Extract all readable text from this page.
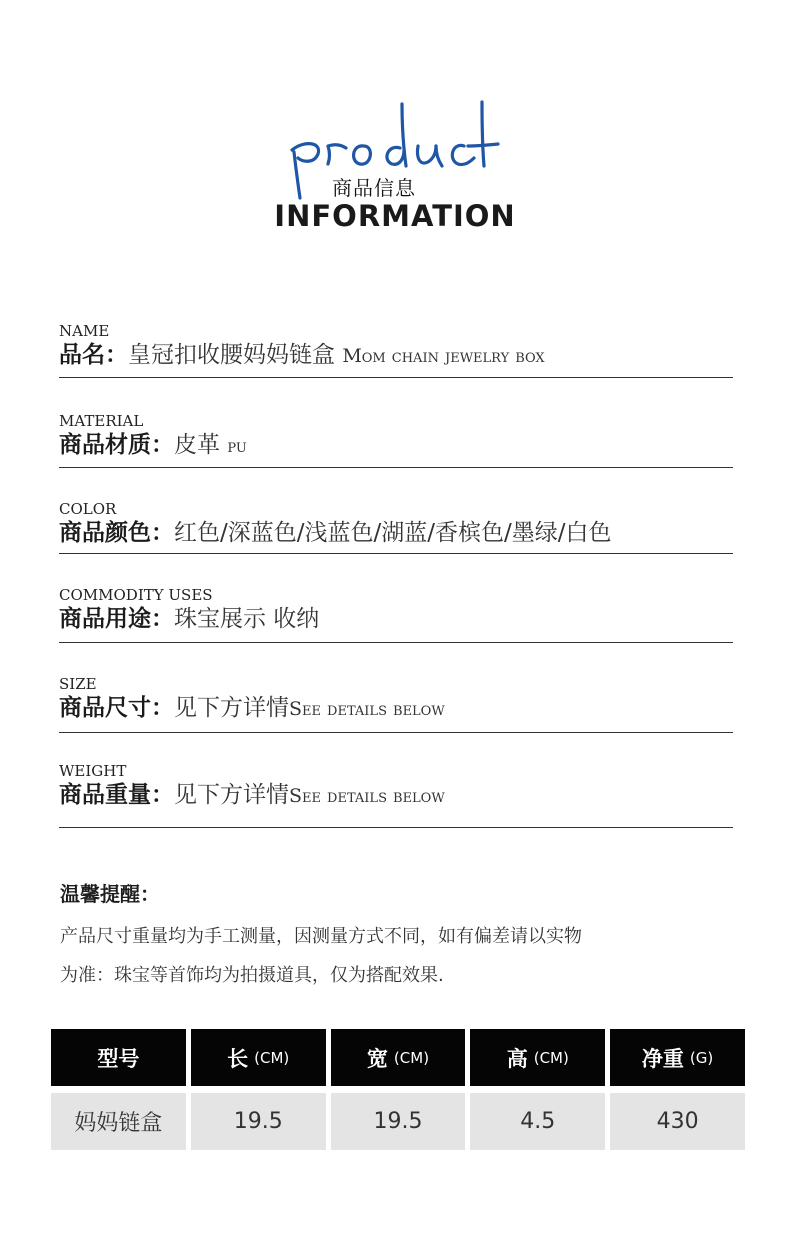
商品信息
INFORMATION
NAME
品名：皇冠扣收腰妈妈链盒 Mom chain jewelry box
MATERIAL
商品材质：皮革 pu
COLOR
商品颜色：红色/深蓝色/浅蓝色/湖蓝/香槟色/墨绿/白色
COMMODITY USES
商品用途：珠宝展示 收纳
SIZE
商品尺寸：见下方详情See details below
WEIGHT
商品重量：见下方详情See details below
温馨提醒：
产品尺寸重量均为手工测量，因测量方式不同，如有偏差请以实物
为准：珠宝等首饰均为拍摄道具，仅为搭配效果.
型号	长 (CM)	宽 (CM)	高 (CM)	净重 (G)
妈妈链盒	19.5	19.5	4.5	430
